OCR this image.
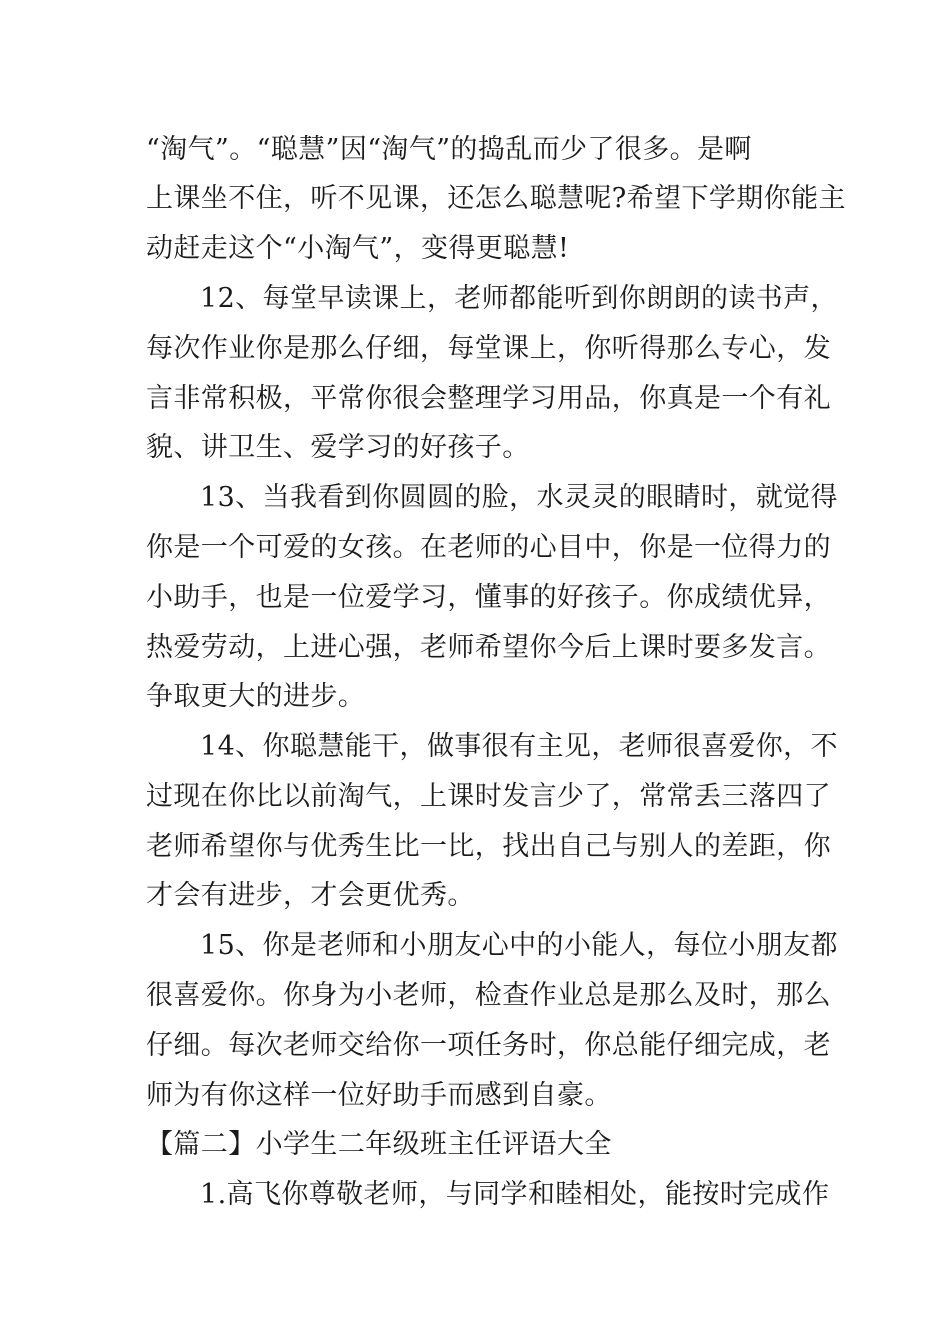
“淘气”。“聪慧”因“淘气”的捣乱而少了很多。是啊

上课坐不住，听不见课，还怎么聪慧呢?希望下学期你能主

动赶走这个“小淘气”，变得更聪慧!

12、每堂早读课上，老师都能听到你朗朗的读书声，

每次作业你是那么仔细，每堂课上，你听得那么专心，发

言非常积极，平常你很会整理学习用品，你真是一个有礼

貌、讲卫生、爱学习的好孩子。

13、当我看到你圆圆的脸，水灵灵的眼睛时，就觉得

你是一个可爱的女孩。在老师的心目中，你是一位得力的

小助手，也是一位爱学习，懂事的好孩子。你成绩优异，

热爱劳动，上进心强，老师希望你今后上课时要多发言。

争取更大的进步。

14、你聪慧能干，做事很有主见，老师很喜爱你，不

过现在你比以前淘气，上课时发言少了，常常丢三落四了

老师希望你与优秀生比一比，找出自己与别人的差距，你

才会有进步，才会更优秀。

15、你是老师和小朋友心中的小能人，每位小朋友都

很喜爱你。你身为小老师，检查作业总是那么及时，那么

仔细。每次老师交给你一项任务时，你总能仔细完成，老

师为有你这样一位好助手而感到自豪。

【篇二】小学生二年级班主任评语大全

1.高飞你尊敬老师，与同学和睦相处，能按时完成作
